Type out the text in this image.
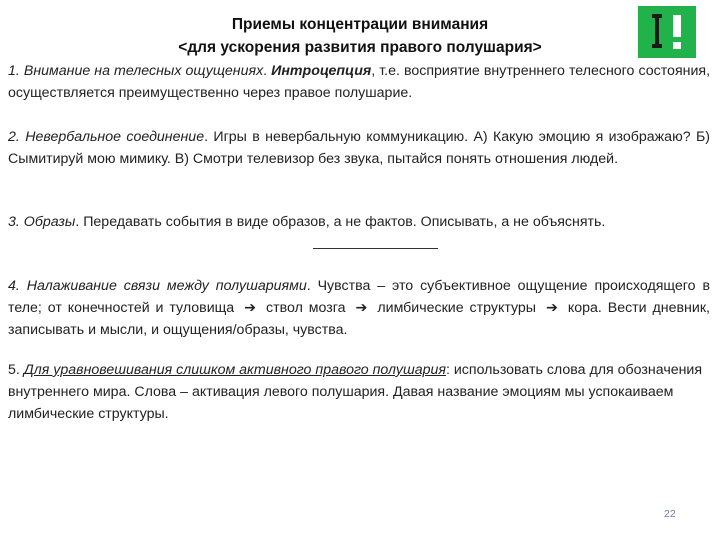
Приемы концентрации внимания
<для ускорения развития правого полушария>
1. Внимание на телесных ощущениях. Интроцепция, т.е. восприятие внутреннего телесного состояния, осуществляется преимущественно через правое полушарие.
2. Невербальное соединение. Игры в невербальную коммуникацию. А) Какую эмоцию я изображаю? Б) Сымитируй мою мимику. В) Смотри телевизор без звука, пытайся понять отношения людей.
3. Образы. Передавать события в виде образов, а не фактов. Описывать, а не объяснять.
4. Налаживание связи между полушариями. Чувства – это субъективное ощущение происходящего в теле; от конечностей и туловища ➔ ствол мозга ➔ лимбические структуры ➔ кора. Вести дневник, записывать и мысли, и ощущения/образы, чувства.
5. Для уравновешивания слишком активного правого полушария: использовать слова для обозначения внутреннего мира. Слова – активация левого полушария. Давая название эмоциям мы успокаиваем лимбические структуры.
22
